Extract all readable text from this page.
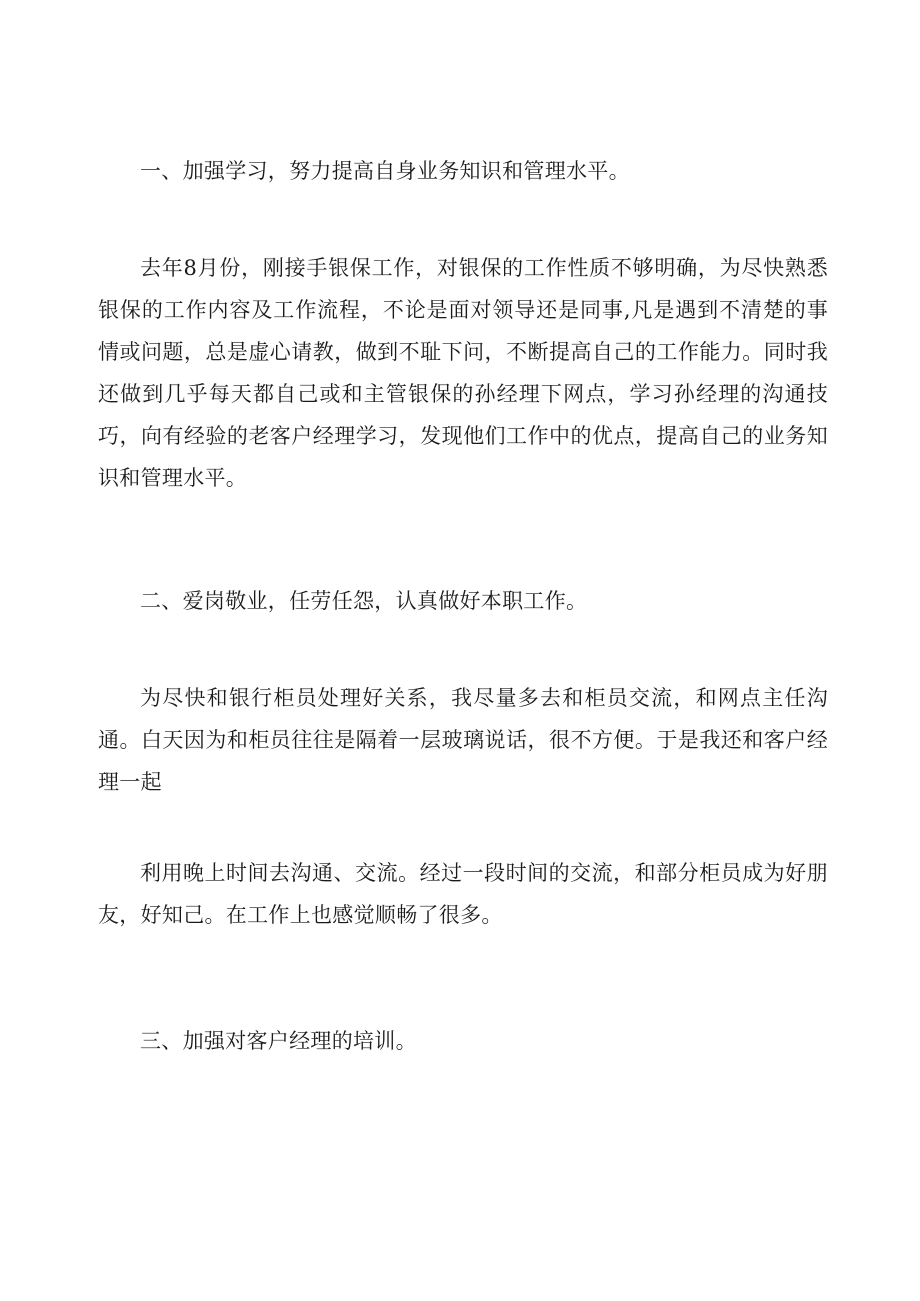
一、加强学习，努力提高自身业务知识和管理水平。

去年8月份，刚接手银保工作，对银保的工作性质不够明确，为尽快熟悉银保的工作内容及工作流程，不论是面对领导还是同事,凡是遇到不清楚的事情或问题，总是虚心请教，做到不耻下问，不断提高自己的工作能力。同时我还做到几乎每天都自己或和主管银保的孙经理下网点，学习孙经理的沟通技巧，向有经验的老客户经理学习，发现他们工作中的优点，提高自己的业务知识和管理水平。

二、爱岗敬业，任劳任怨，认真做好本职工作。

为尽快和银行柜员处理好关系，我尽量多去和柜员交流，和网点主任沟通。白天因为和柜员往往是隔着一层玻璃说话，很不方便。于是我还和客户经理一起

利用晚上时间去沟通、交流。经过一段时间的交流，和部分柜员成为好朋友，好知己。在工作上也感觉顺畅了很多。

三、加强对客户经理的培训。
